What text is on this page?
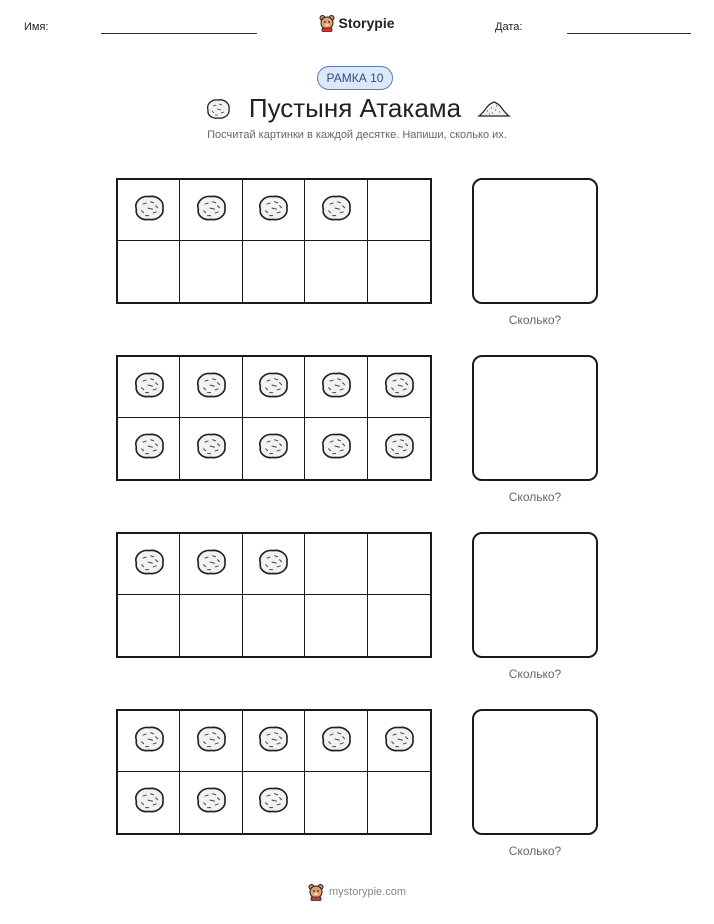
Имя:	Storypie	Дата:
РАМКА 10
Пустыня Атакама
Посчитай картинки в каждой десятке. Напиши, сколько их.
Сколько?
Сколько?
Сколько?
Сколько?
mystorypie.com
